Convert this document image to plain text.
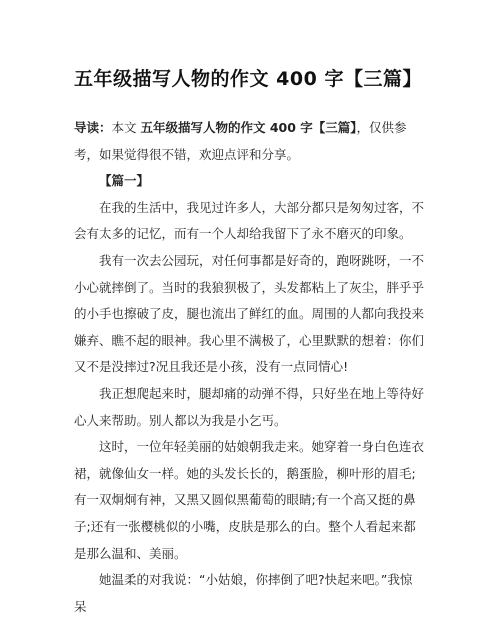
五年级描写人物的作文 400 字【三篇】

导读：本文 五年级描写人物的作文 400 字【三篇】，仅供参考，如果觉得很不错，欢迎点评和分享。

【篇一】

在我的生活中，我见过许多人，大部分都只是匆匆过客，不会有太多的记忆，而有一个人却给我留下了永不磨灭的印象。

我有一次去公园玩，对任何事都是好奇的，跑呀跳呀，一不小心就摔倒了。当时的我狼狈极了，头发都粘上了灰尘，胖乎乎的小手也擦破了皮，腿也流出了鲜红的血。周围的人都向我投来嫌弃、瞧不起的眼神。我心里不满极了，心里默默的想着：你们又不是没摔过?况且我还是小孩，没有一点同情心!

我正想爬起来时，腿却痛的动弹不得，只好坐在地上等待好心人来帮助。别人都以为我是小乞丐。

这时，一位年轻美丽的姑娘朝我走来。她穿着一身白色连衣裙，就像仙女一样。她的头发长长的，鹅蛋脸，柳叶形的眉毛;有一双炯炯有神，又黑又圆似黑葡萄的眼睛;有一个高又挺的鼻子;还有一张樱桃似的小嘴，皮肤是那么的白。整个人看起来都是那么温和、美丽。

她温柔的对我说：“小姑娘，你摔倒了吧?快起来吧。”我惊呆
